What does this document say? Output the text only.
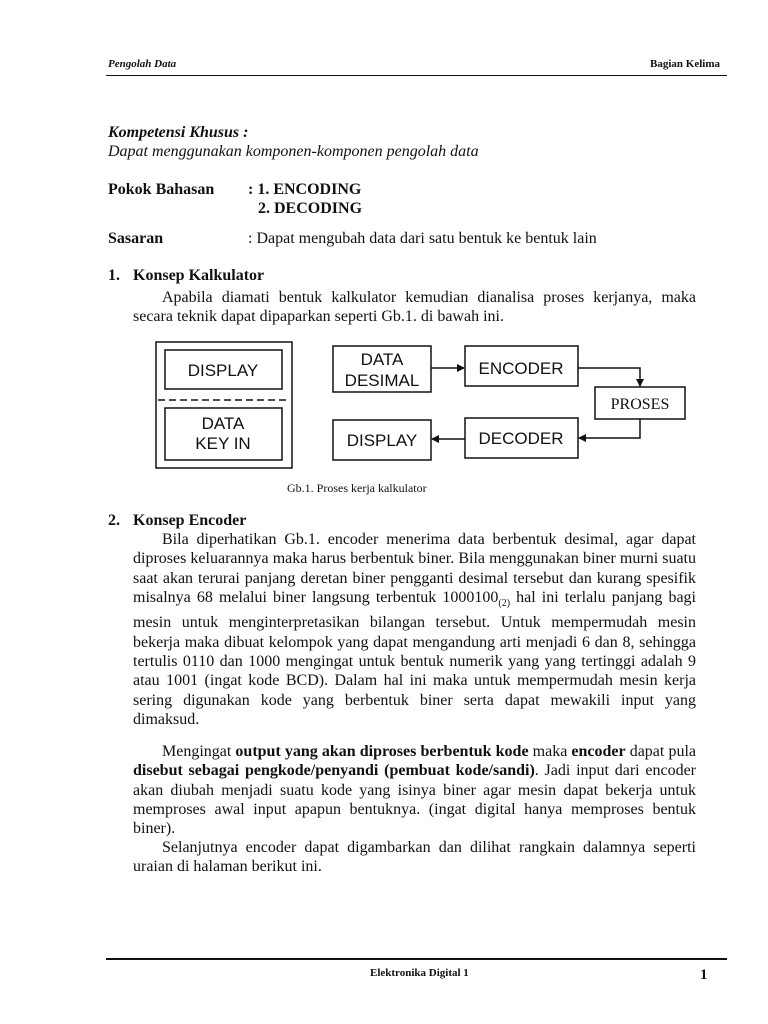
Pengolah Data	Bagian Kelima
Kompetensi Khusus :
Dapat menggunakan komponen-komponen pengolah data
Pokok Bahasan : 1. ENCODING
2. DECODING
Sasaran	: Dapat mengubah data dari satu bentuk ke bentuk lain
1. Konsep Kalkulator
Apabila diamati bentuk kalkulator kemudian dianalisa proses kerjanya, maka secara teknik dapat dipaparkan seperti Gb.1. di bawah ini.
DISPLAY
DATA
KEY IN
DATA
DESIMAL
ENCODER
PROSES
DECODER
DISPLAY
Gb.1. Proses kerja kalkulator
2. Konsep Encoder
Bila diperhatikan Gb.1. encoder menerima data berbentuk desimal, agar dapat diproses keluarannya maka harus berbentuk biner. Bila menggunakan biner murni suatu saat akan terurai panjang deretan biner pengganti desimal tersebut dan kurang spesifik misalnya 68 melalui biner langsung terbentuk $1000100_{(2)}$ hal ini terlalu panjang bagi mesin untuk menginterpretasikan bilangan tersebut. Untuk mempermudah mesin bekerja maka dibuat kelompok yang dapat mengandung arti menjadi 6 dan 8, sehingga tertulis 0110 dan 1000 mengingat untuk bentuk numerik yang yang tertinggi adalah 9 atau 1001 (ingat kode BCD). Dalam hal ini maka untuk mempermudah mesin kerja sering digunakan kode yang berbentuk biner serta dapat mewakili input yang dimaksud.
Mengingat output yang akan diproses berbentuk kode maka encoder dapat pula disebut sebagai pengkode/penyandi (pembuat kode/sandi). Jadi input dari encoder akan diubah menjadi suatu kode yang isinya biner agar mesin dapat bekerja untuk memproses awal input apapun bentuknya. (ingat digital hanya memproses bentuk biner).
Selanjutnya encoder dapat digambarkan dan dilihat rangkain dalamnya seperti uraian di halaman berikut ini.
Elektronika Digital 1	1
